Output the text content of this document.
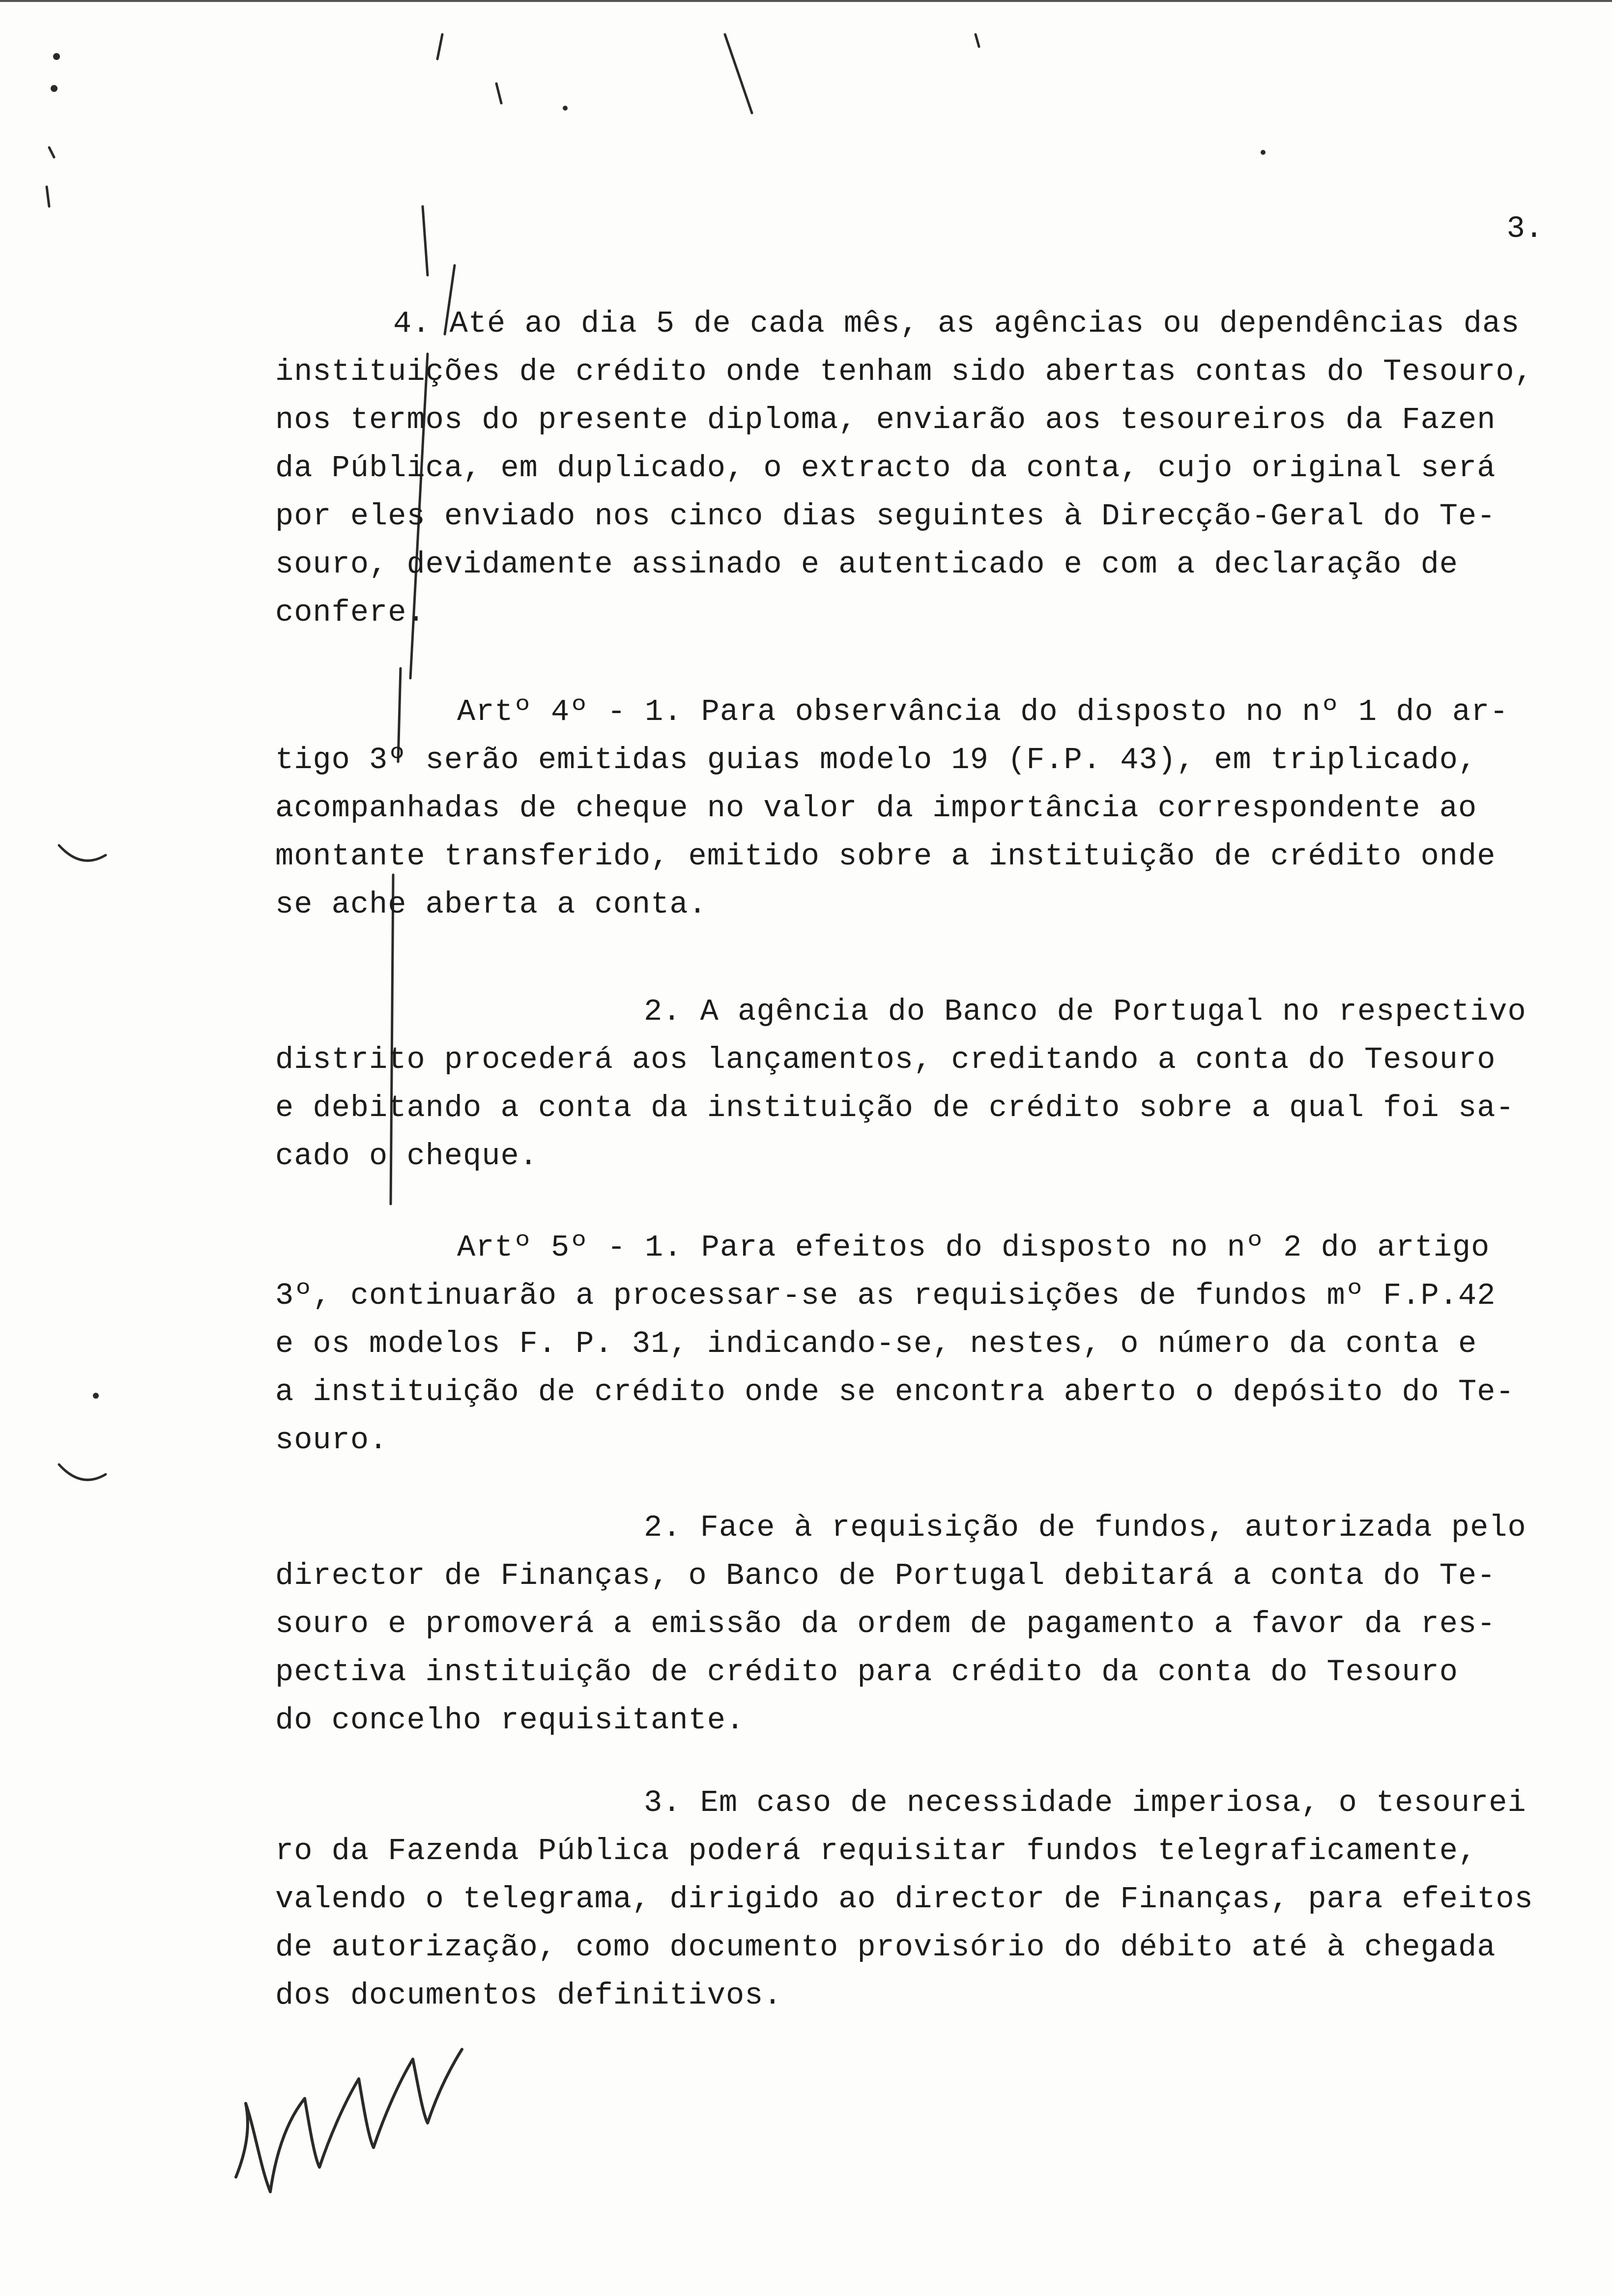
3.
4. Até ao dia 5 de cada mês, as agências ou dependências das
instituições de crédito onde tenham sido abertas contas do Tesouro,
nos termos do presente diploma, enviarão aos tesoureiros da Fazen
da Pública, em duplicado, o extracto da conta, cujo original será
por eles enviado nos cinco dias seguintes à Direcção-Geral do Te-
souro, devidamente assinado e autenticado e com a declaração de
confere.
Artº 4º - 1. Para observância do disposto no nº 1 do ar-
tigo 3º serão emitidas guias modelo 19 (F.P. 43), em triplicado,
acompanhadas de cheque no valor da importância correspondente ao
montante transferido, emitido sobre a instituição de crédito onde
se ache aberta a conta.
2. A agência do Banco de Portugal no respectivo
distrito procederá aos lançamentos, creditando a conta do Tesouro
e debitando a conta da instituição de crédito sobre a qual foi sa-
cado o cheque.
Artº 5º - 1. Para efeitos do disposto no nº 2 do artigo
3º, continuarão a processar-se as requisições de fundos mº F.P.42
e os modelos F. P. 31, indicando-se, nestes, o número da conta e
a instituição de crédito onde se encontra aberto o depósito do Te-
souro.
2. Face à requisição de fundos, autorizada pelo
director de Finanças, o Banco de Portugal debitará a conta do Te-
souro e promoverá a emissão da ordem de pagamento a favor da res-
pectiva instituição de crédito para crédito da conta do Tesouro
do concelho requisitante.
3. Em caso de necessidade imperiosa, o tesourei
ro da Fazenda Pública poderá requisitar fundos telegraficamente,
valendo o telegrama, dirigido ao director de Finanças, para efeitos
de autorização, como documento provisório do débito até à chegada
dos documentos definitivos.
